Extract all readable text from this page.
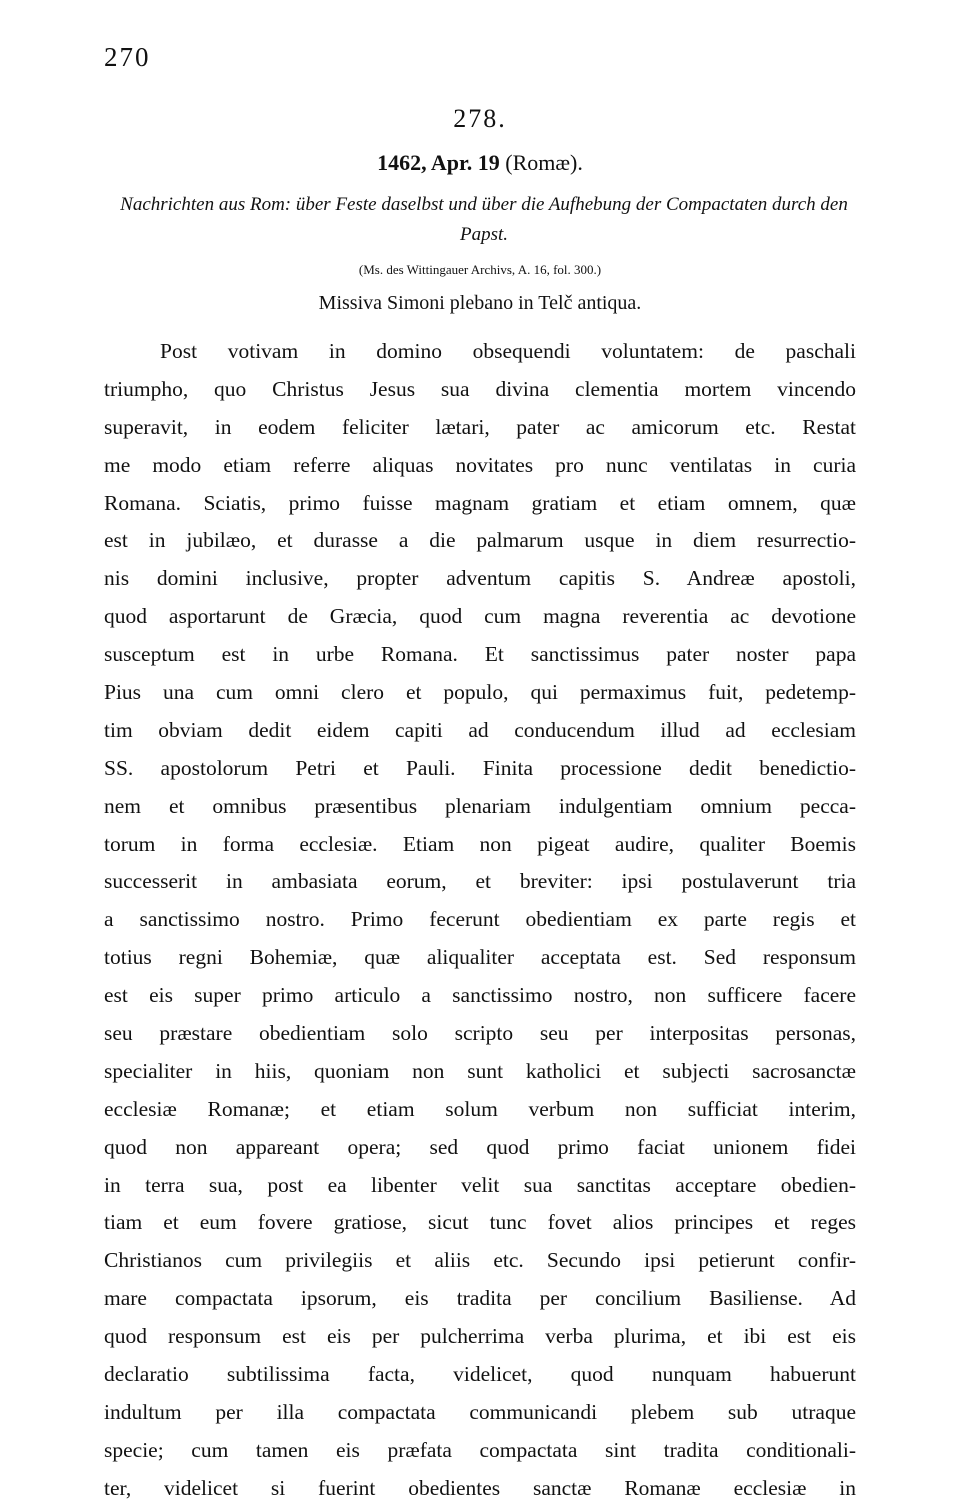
270
278.
1462, Apr. 19 (Romæ).
Nachrichten aus Rom: über Feste daselbst und über die Aufhebung der Compactaten durch den Papst.
(Ms. des Wittingauer Archivs, A. 16, fol. 300.)
Missiva Simoni plebano in Telč antiqua.
Post votivam in domino obsequendi voluntatem: de paschali
triumpho, quo Christus Jesus sua divina clementia mortem vincendo
superavit, in eodem feliciter lætari, pater ac amicorum etc. Restat
me modo etiam referre aliquas novitates pro nunc ventilatas in curia
Romana. Sciatis, primo fuisse magnam gratiam et etiam omnem, quæ
est in jubilæo, et durasse a die palmarum usque in diem resurrectio-
nis domini inclusive, propter adventum capitis S. Andreæ apostoli,
quod asportarunt de Græcia, quod cum magna reverentia ac devotione
susceptum est in urbe Romana. Et sanctissimus pater noster papa
Pius una cum omni clero et populo, qui permaximus fuit, pedetemp-
tim obviam dedit eidem capiti ad conducendum illud ad ecclesiam
SS. apostolorum Petri et Pauli. Finita processione dedit benedictio-
nem et omnibus præsentibus plenariam indulgentiam omnium pecca-
torum in forma ecclesiæ. Etiam non pigeat audire, qualiter Boemis
successerit in ambasiata eorum, et breviter: ipsi postulaverunt tria
a sanctissimo nostro. Primo fecerunt obedientiam ex parte regis et
totius regni Bohemiæ, quæ aliqualiter acceptata est. Sed responsum
est eis super primo articulo a sanctissimo nostro, non sufficere facere
seu præstare obedientiam solo scripto seu per interpositas personas,
specialiter in hiis, quoniam non sunt katholici et subjecti sacrosanctæ
ecclesiæ Romanæ; et etiam solum verbum non sufficiat interim,
quod non appareant opera; sed quod primo faciat unionem fidei
in terra sua, post ea libenter velit sua sanctitas acceptare obedien-
tiam et eum fovere gratiose, sicut tunc fovet alios principes et reges
Christianos cum privilegiis et aliis etc. Secundo ipsi petierunt confir-
mare compactata ipsorum, eis tradita per concilium Basiliense. Ad
quod responsum est eis per pulcherrima verba plurima, et ibi est eis
declaratio subtilissima facta, videlicet, quod nunquam habuerunt
indultum per illa compactata communicandi plebem sub utraque
specie; cum tamen eis præfata compactata sint tradita conditionali-
ter, videlicet si fuerint obedientes sanctæ Romanæ ecclesiæ in
